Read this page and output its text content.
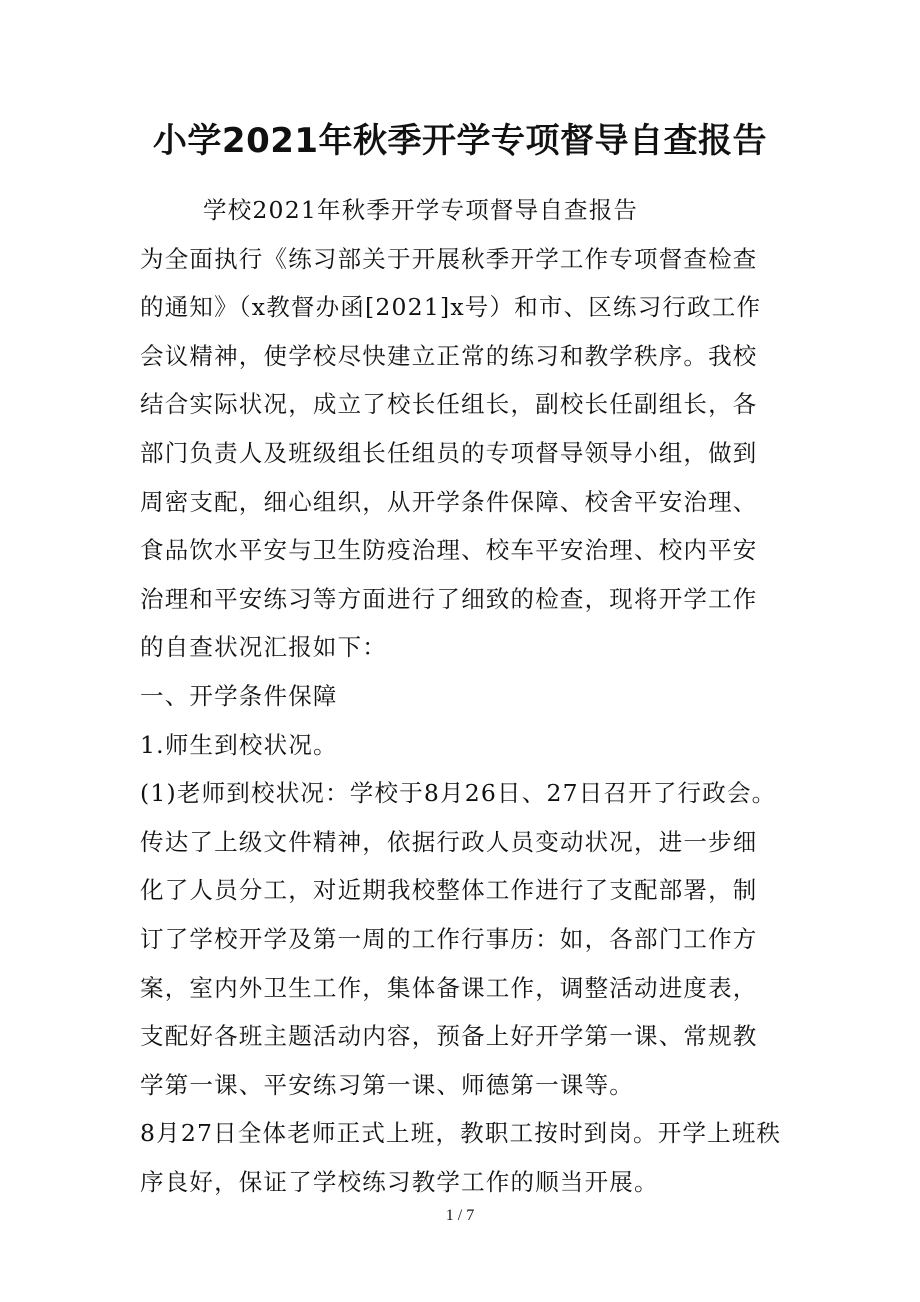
小学2021年秋季开学专项督导自查报告
学校2021年秋季开学专项督导自查报告
为全面执行《练习部关于开展秋季开学工作专项督查检查
的通知》（x教督办函[2021]x号）和市、区练习行政工作
会议精神，使学校尽快建立正常的练习和教学秩序。我校
结合实际状况，成立了校长任组长，副校长任副组长，各
部门负责人及班级组长任组员的专项督导领导小组，做到
周密支配，细心组织，从开学条件保障、校舍平安治理、
食品饮水平安与卫生防疫治理、校车平安治理、校内平安
治理和平安练习等方面进行了细致的检查，现将开学工作
的自查状况汇报如下：
一、开学条件保障
1.师生到校状况。
(1)老师到校状况：学校于8月26日、27日召开了行政会。
传达了上级文件精神，依据行政人员变动状况，进一步细
化了人员分工，对近期我校整体工作进行了支配部署，制
订了学校开学及第一周的工作行事历：如，各部门工作方
案，室内外卫生工作，集体备课工作，调整活动进度表，
支配好各班主题活动内容，预备上好开学第一课、常规教
学第一课、平安练习第一课、师德第一课等。
8月27日全体老师正式上班，教职工按时到岗。开学上班秩
序良好，保证了学校练习教学工作的顺当开展。
1 / 7
